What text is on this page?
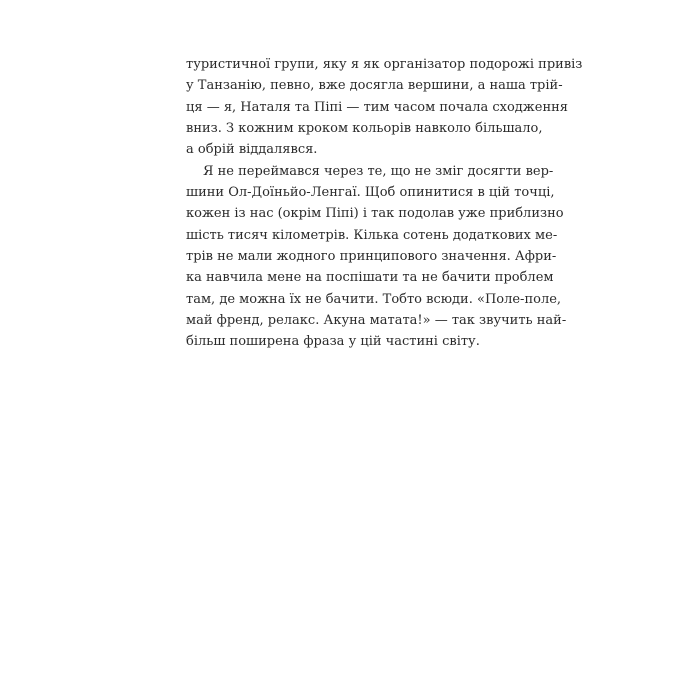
туристичної групи, яку я як організатор подорожі привіз
у Танзанію, певно, вже досягла вершини, а наша трій-
ця — я, Наталя та Піпі — тим часом почала сходження
вниз. З кожним кроком кольорів навколо більшало,
а обрій віддалявся.
Я не переймався через те, що не зміг досягти вер-
шини Ол-Доїньйо-Ленгаї. Щоб опинитися в цій точці,
кожен із нас (окрім Піпі) і так подолав уже приблизно
шість тисяч кілометрів. Кілька сотень додаткових ме-
трів не мали жодного принципового значення. Афри-
ка навчила мене на поспішати та не бачити проблем
там, де можна їх не бачити. Тобто всюди. «Поле-поле,
май френд, релакс. Акуна матата!» — так звучить най-
більш поширена фраза у цій частині світу.
